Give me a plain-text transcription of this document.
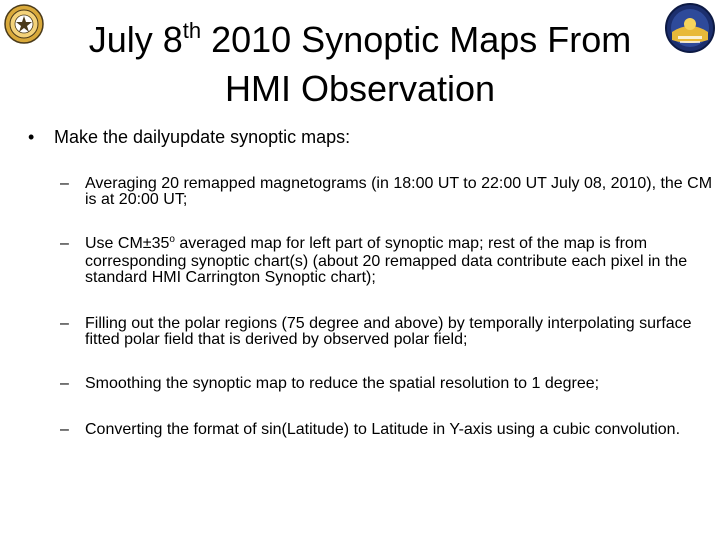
July 8th 2010 Synoptic Maps From
HMI Observation
• Make the dailyupdate synoptic maps:
– Averaging 20 remapped magnetograms (in 18:00 UT to 22:00 UT July 08, 2010), the CM is at 20:00 UT;
– Use $CM\pm 35^o$ averaged map for left part of synoptic map; rest of the map is from corresponding synoptic chart(s) (about 20 remapped data contribute each pixel in the standard HMI Carrington Synoptic chart);
– Filling out the polar regions (75 degree and above) by temporally interpolating surface fitted polar field that is derived by observed polar field;
– Smoothing the synoptic map to reduce the spatial resolution to 1 degree;
– Converting the format of sin(Latitude) to Latitude in Y-axis using a cubic convolution.
